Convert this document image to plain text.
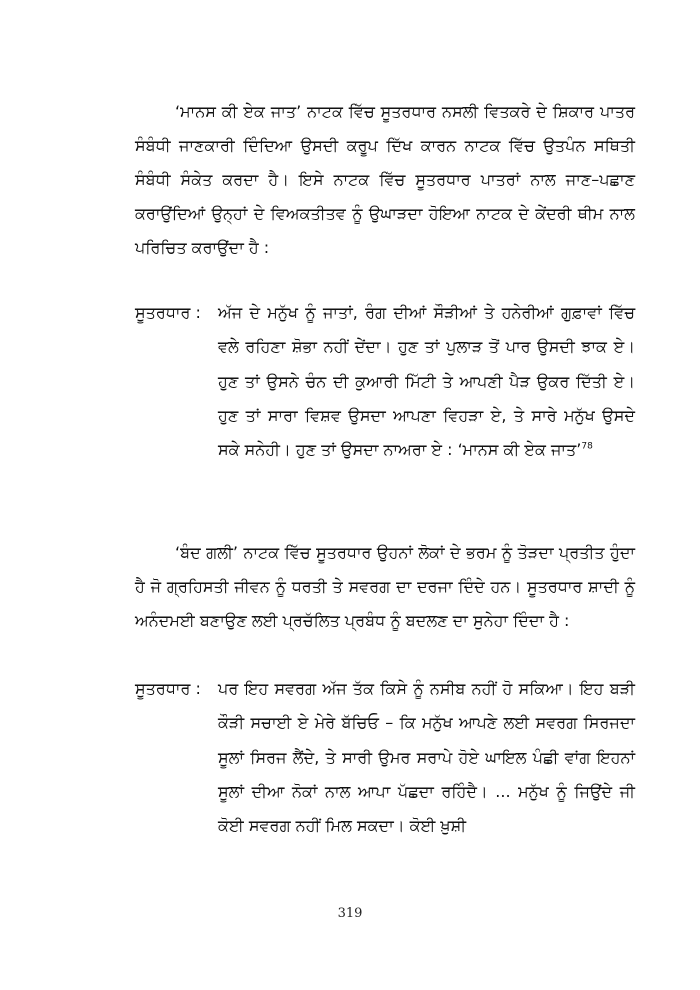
‘ਮਾਨਸ ਕੀ ਏਕ ਜਾਤ’ ਨਾਟਕ ਵਿੱਚ ਸੂਤਰਧਾਰ ਨਸਲੀ ਵਿਤਕਰੇ ਦੇ ਸ਼ਿਕਾਰ ਪਾਤਰ ਸੰਬੰਧੀ ਜਾਣਕਾਰੀ ਦਿੰਦਿਆ ਉਸਦੀ ਕਰੂਪ ਦਿੱਖ ਕਾਰਨ ਨਾਟਕ ਵਿੱਚ ਉਤਪੰਨ ਸਥਿਤੀ ਸੰਬੰਧੀ ਸੰਕੇਤ ਕਰਦਾ ਹੈ। ਇਸੇ ਨਾਟਕ ਵਿੱਚ ਸੂਤਰਧਾਰ ਪਾਤਰਾਂ ਨਾਲ ਜਾਣ–ਪਛਾਣ ਕਰਾਉਂਦਿਆਂ ਉਨ੍ਹਾਂ ਦੇ ਵਿਅਕਤੀਤਵ ਨੂੰ ਉਘਾੜਦਾ ਹੋਇਆ ਨਾਟਕ ਦੇ ਕੇਂਦਰੀ ਥੀਮ ਨਾਲ ਪਰਿਚਿਤ ਕਰਾਉਂਦਾ ਹੈ :

ਸੂਤਰਧਾਰ :	ਅੱਜ ਦੇ ਮਨੁੱਖ ਨੂੰ ਜਾਤਾਂ, ਰੰਗ ਦੀਆਂ ਸੌੜੀਆਂ ਤੇ ਹਨੇਰੀਆਂ ਗੁਫ਼ਾਵਾਂ ਵਿੱਚ ਵਲੇ ਰਹਿਣਾ ਸ਼ੋਭਾ ਨਹੀਂ ਦੇਂਦਾ। ਹੁਣ ਤਾਂ ਪੁਲਾੜ ਤੋਂ ਪਾਰ ਉਸਦੀ ਝਾਕ ਏ। ਹੁਣ ਤਾਂ ਉਸਨੇ ਚੰਨ ਦੀ ਕੁਆਰੀ ਮਿੱਟੀ ਤੇ ਆਪਣੀ ਪੈੜ ਉਕਰ ਦਿੱਤੀ ਏ। ਹੁਣ ਤਾਂ ਸਾਰਾ ਵਿਸ਼ਵ ਉਸਦਾ ਆਪਣਾ ਵਿਹੜਾ ਏ, ਤੇ ਸਾਰੇ ਮਨੁੱਖ ਉਸਦੇ ਸਕੇ ਸਨੇਹੀ। ਹੁਣ ਤਾਂ ਉਸਦਾ ਨਾਅਰਾ ਏ : ‘ਮਾਨਸ ਕੀ ਏਕ ਜਾਤ’$^{78}$

‘ਬੰਦ ਗਲੀ’ ਨਾਟਕ ਵਿੱਚ ਸੂਤਰਧਾਰ ਉਹਨਾਂ ਲੋਕਾਂ ਦੇ ਭਰਮ ਨੂੰ ਤੋੜਦਾ ਪ੍ਰਤੀਤ ਹੁੰਦਾ ਹੈ ਜੋ ਗ੍ਰਹਿਸਤੀ ਜੀਵਨ ਨੂੰ ਧਰਤੀ ਤੇ ਸਵਰਗ ਦਾ ਦਰਜਾ ਦਿੰਦੇ ਹਨ। ਸੂਤਰਧਾਰ ਸ਼ਾਦੀ ਨੂੰ ਅਨੰਦਮਈ ਬਣਾਉਣ ਲਈ ਪ੍ਰਚੱਲਿਤ ਪ੍ਰਬੰਧ ਨੂੰ ਬਦਲਣ ਦਾ ਸੁਨੇਹਾ ਦਿੰਦਾ ਹੈ :

ਸੂਤਰਧਾਰ :	ਪਰ ਇਹ ਸਵਰਗ ਅੱਜ ਤੱਕ ਕਿਸੇ ਨੂੰ ਨਸੀਬ ਨਹੀਂ ਹੋ ਸਕਿਆ। ਇਹ ਬੜੀ ਕੌੜੀ ਸਚਾਈ ਏ ਮੇਰੇ ਬੱਚਿਓ – ਕਿ ਮਨੁੱਖ ਆਪਣੇ ਲਈ ਸਵਰਗ ਸਿਰਜਦਾ ਸੂਲਾਂ ਸਿਰਜ ਲੈਂਦੇ, ਤੇ ਸਾਰੀ ਉਮਰ ਸਰਾਪੇ ਹੋਏ ਘਾਇਲ ਪੰਛੀ ਵਾਂਗ ਇਹਨਾਂ ਸੂਲਾਂ ਦੀਆ ਨੋਕਾਂ ਨਾਲ ਆਪਾ ਪੱਛਦਾ ਰਹਿੰਦੈ। ... ਮਨੁੱਖ ਨੂੰ ਜਿਉਂਦੇ ਜੀ ਕੋਈ ਸਵਰਗ ਨਹੀਂ ਮਿਲ ਸਕਦਾ। ਕੋਈ ਖ਼ੁਸ਼ੀ
319
